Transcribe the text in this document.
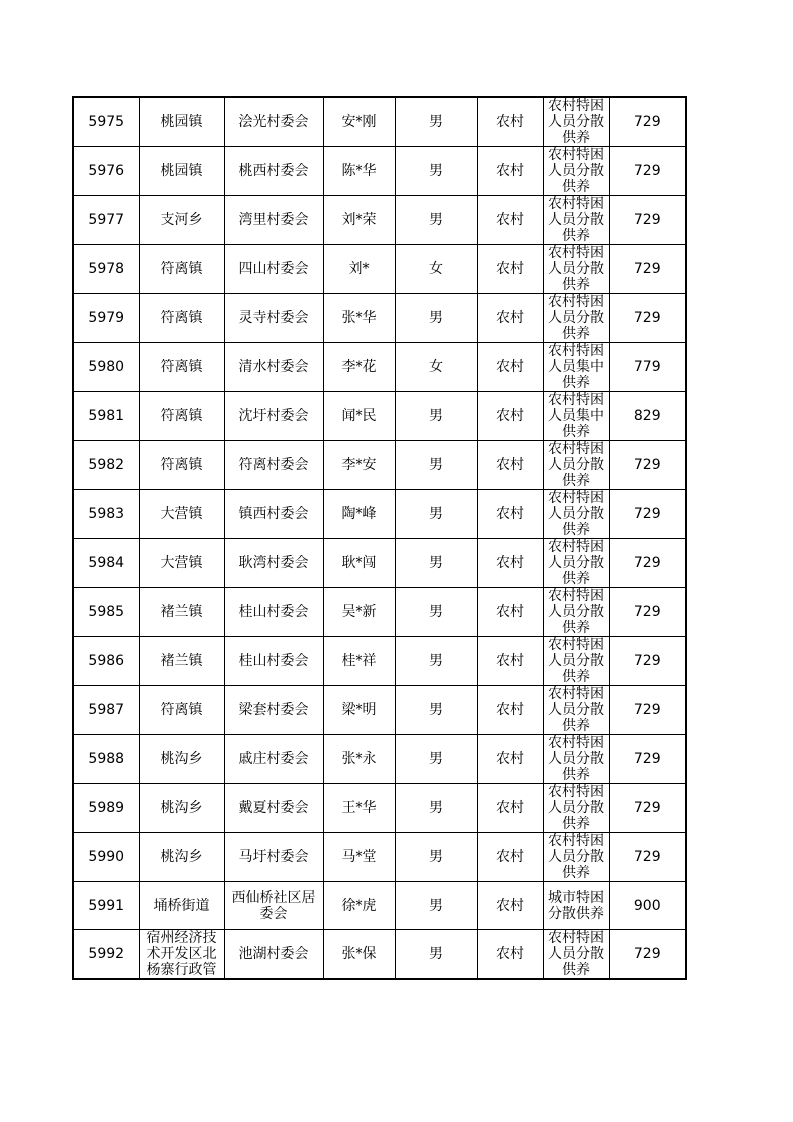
5975	桃园镇	浍光村委会	安*刚	男	农村	农村特困人员分散供养	729
5976	桃园镇	桃西村委会	陈*华	男	农村	农村特困人员分散供养	729
5977	支河乡	湾里村委会	刘*荣	男	农村	农村特困人员分散供养	729
5978	符离镇	四山村委会	刘*	女	农村	农村特困人员分散供养	729
5979	符离镇	灵寺村委会	张*华	男	农村	农村特困人员分散供养	729
5980	符离镇	清水村委会	李*花	女	农村	农村特困人员集中供养	779
5981	符离镇	沈圩村委会	闻*民	男	农村	农村特困人员集中供养	829
5982	符离镇	符离村委会	李*安	男	农村	农村特困人员分散供养	729
5983	大营镇	镇西村委会	陶*峰	男	农村	农村特困人员分散供养	729
5984	大营镇	耿湾村委会	耿*闯	男	农村	农村特困人员分散供养	729
5985	褚兰镇	桂山村委会	吴*新	男	农村	农村特困人员分散供养	729
5986	褚兰镇	桂山村委会	桂*祥	男	农村	农村特困人员分散供养	729
5987	符离镇	梁套村委会	梁*明	男	农村	农村特困人员分散供养	729
5988	桃沟乡	戚庄村委会	张*永	男	农村	农村特困人员分散供养	729
5989	桃沟乡	戴夏村委会	王*华	男	农村	农村特困人员分散供养	729
5990	桃沟乡	马圩村委会	马*堂	男	农村	农村特困人员分散供养	729
5991	埇桥街道	西仙桥社区居委会	徐*虎	男	农村	城市特困分散供养	900
5992	宿州经济技术开发区北杨寨行政管	池湖村委会	张*保	男	农村	农村特困人员分散供养	729
